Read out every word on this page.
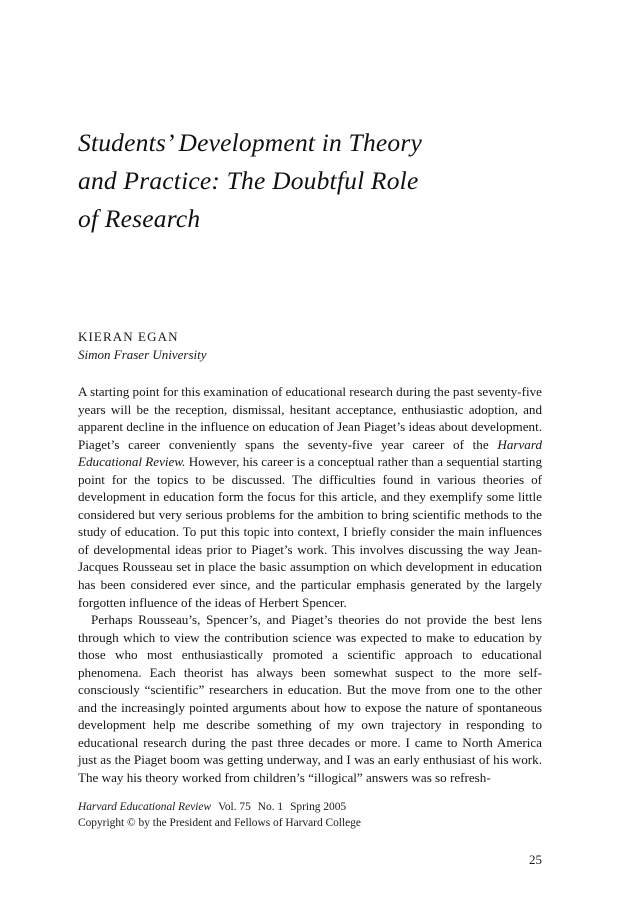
Students’ Development in Theory
and Practice: The Doubtful Role
of Research
KIERAN EGAN
Simon Fraser University

A starting point for this examination of educational research during the past seventy-five years will be the reception, dismissal, hesitant acceptance, enthusiastic adoption, and apparent decline in the influence on education of Jean Piaget’s ideas about development. Piaget’s career conveniently spans the seventy-five year career of the Harvard Educational Review. However, his career is a conceptual rather than a sequential starting point for the topics to be discussed. The difficulties found in various theories of development in education form the focus for this article, and they exemplify some little considered but very serious problems for the ambition to bring scientific methods to the study of education. To put this topic into context, I briefly consider the main influences of developmental ideas prior to Piaget’s work. This involves discussing the way Jean-Jacques Rousseau set in place the basic assumption on which development in education has been considered ever since, and the particular emphasis generated by the largely forgotten influence of the ideas of Herbert Spencer.

Perhaps Rousseau’s, Spencer’s, and Piaget’s theories do not provide the best lens through which to view the contribution science was expected to make to education by those who most enthusiastically promoted a scientific approach to educational phenomena. Each theorist has always been somewhat suspect to the more self-consciously “scientific” researchers in education. But the move from one to the other and the increasingly pointed arguments about how to expose the nature of spontaneous development help me describe something of my own trajectory in responding to educational research during the past three decades or more. I came to North America just as the Piaget boom was getting underway, and I was an early enthusiast of his work. The way his theory worked from children’s “illogical” answers was so refresh-

Harvard Educational Review Vol. 75 No. 1 Spring 2005
Copyright © by the President and Fellows of Harvard College
25
